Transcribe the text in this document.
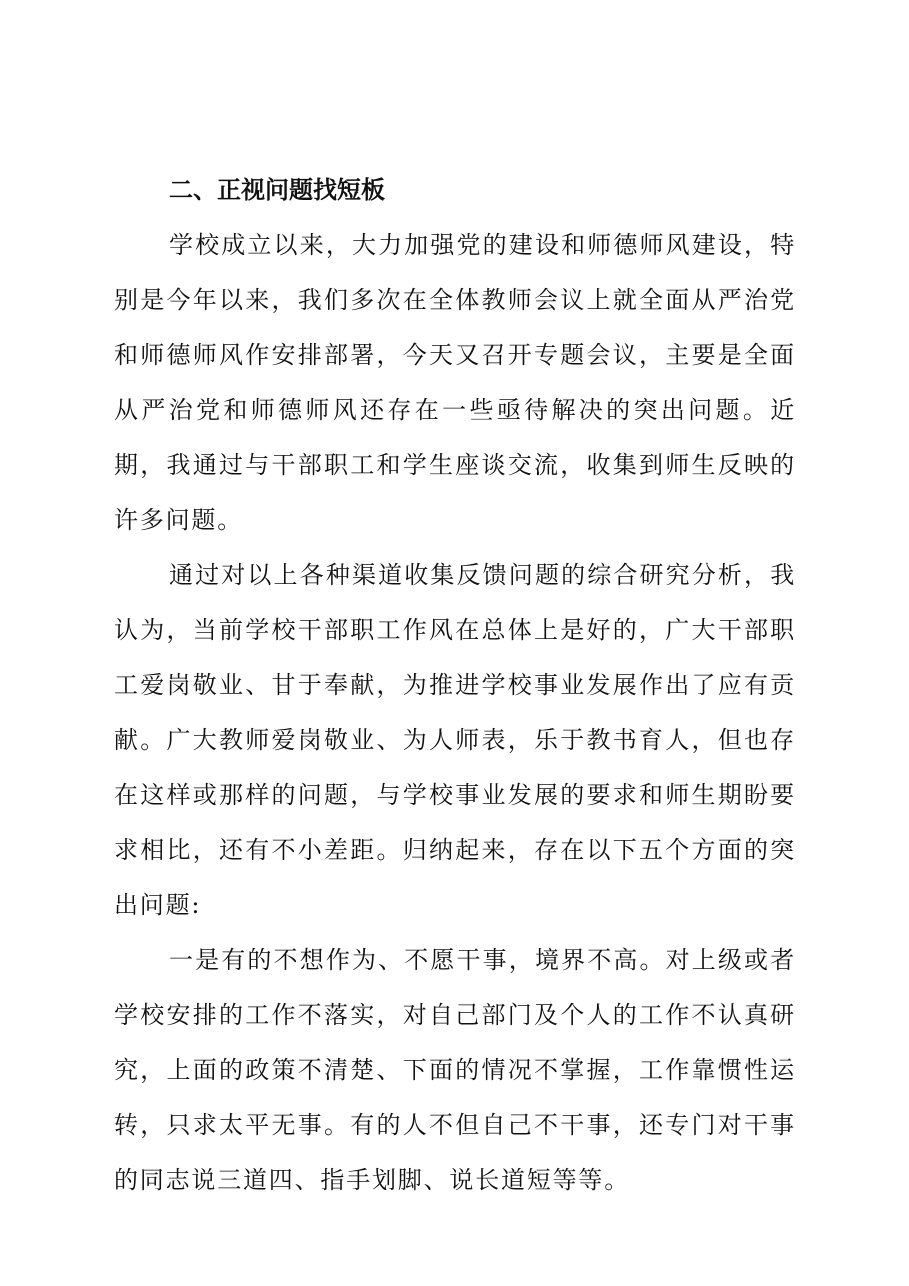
二、正视问题找短板

学校成立以来，大力加强党的建设和师德师风建设，特别是今年以来，我们多次在全体教师会议上就全面从严治党和师德师风作安排部署，今天又召开专题会议，主要是全面从严治党和师德师风还存在一些亟待解决的突出问题。近期，我通过与干部职工和学生座谈交流，收集到师生反映的许多问题。

通过对以上各种渠道收集反馈问题的综合研究分析，我认为，当前学校干部职工作风在总体上是好的，广大干部职工爱岗敬业、甘于奉献，为推进学校事业发展作出了应有贡献。广大教师爱岗敬业、为人师表，乐于教书育人，但也存在这样或那样的问题，与学校事业发展的要求和师生期盼要求相比，还有不小差距。归纳起来，存在以下五个方面的突出问题:

一是有的不想作为、不愿干事，境界不高。对上级或者学校安排的工作不落实，对自己部门及个人的工作不认真研究，上面的政策不清楚、下面的情况不掌握，工作靠惯性运转，只求太平无事。有的人不但自己不干事，还专门对干事的同志说三道四、指手划脚、说长道短等等。
